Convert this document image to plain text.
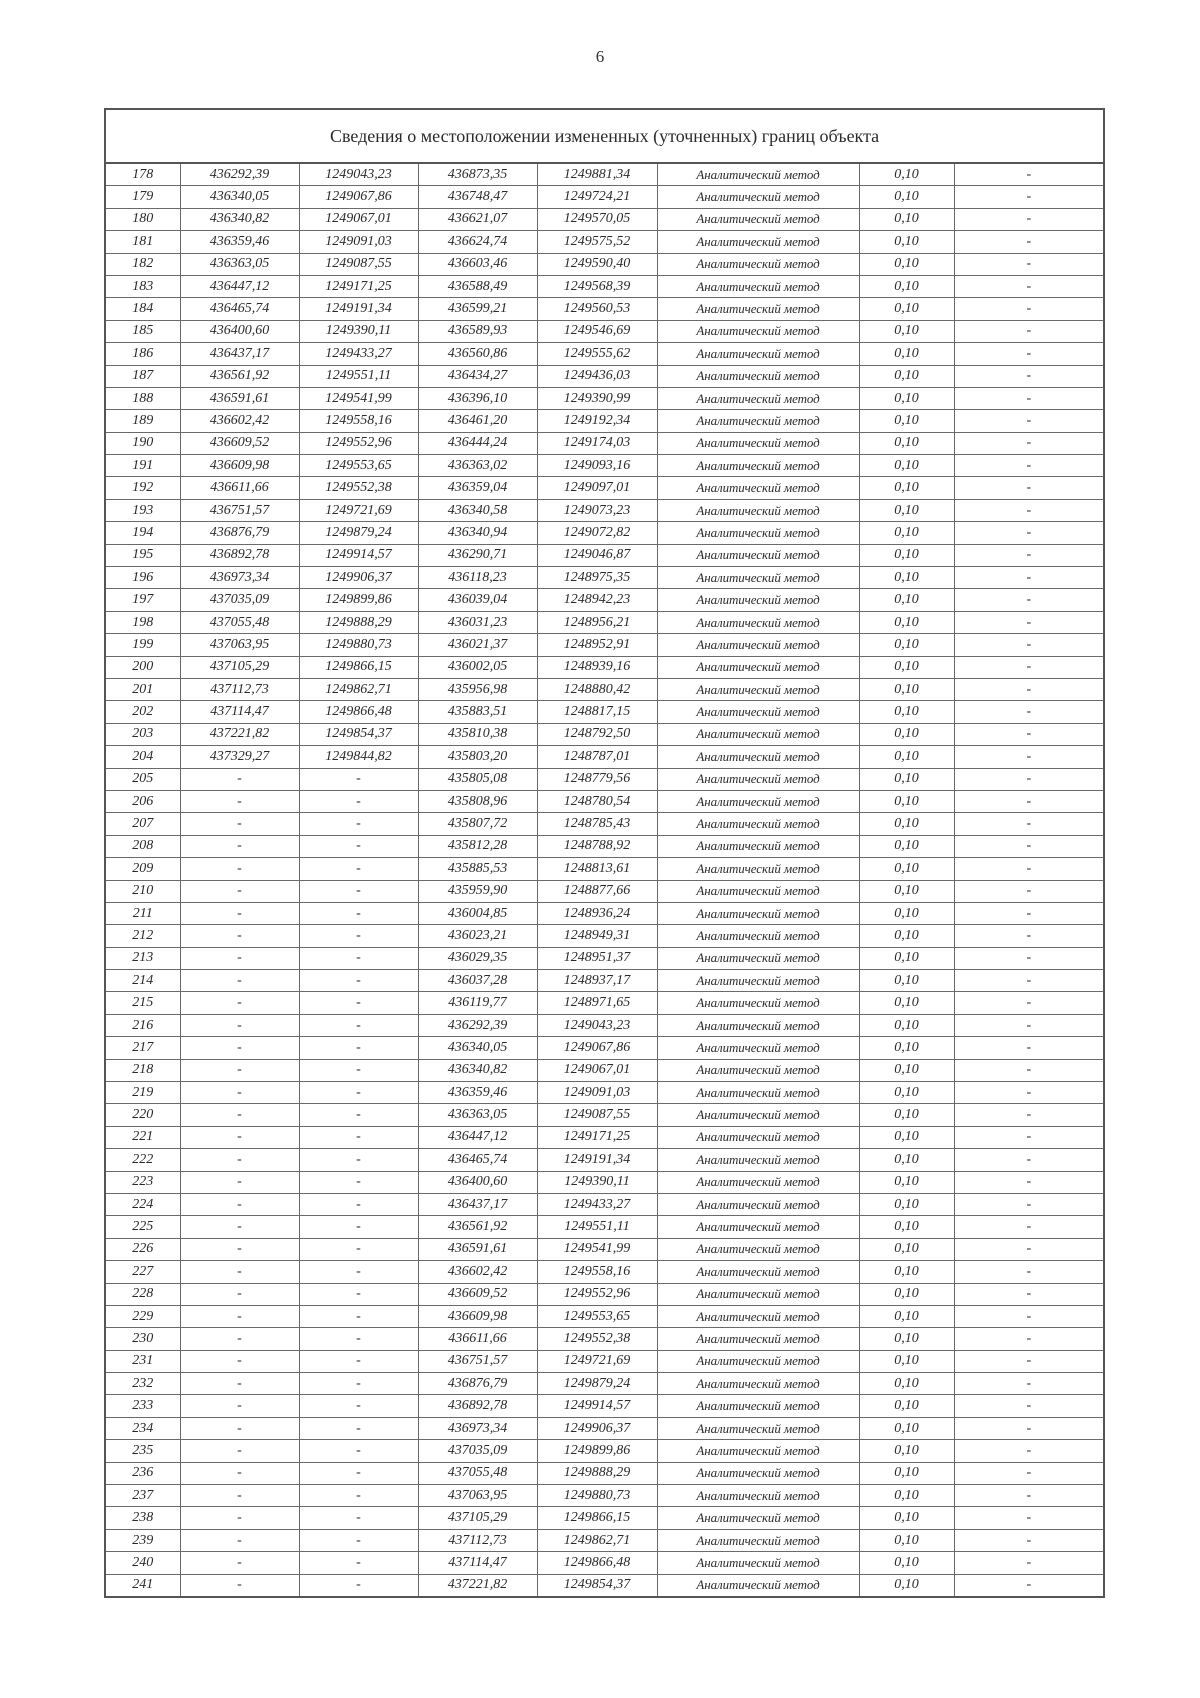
6
Сведения о местоположении измененных (уточненных) границ объекта							
178	436292,39	1249043,23	436873,35	1249881,34	Аналитический метод	0,10	-
179	436340,05	1249067,86	436748,47	1249724,21	Аналитический метод	0,10	-
180	436340,82	1249067,01	436621,07	1249570,05	Аналитический метод	0,10	-
181	436359,46	1249091,03	436624,74	1249575,52	Аналитический метод	0,10	-
182	436363,05	1249087,55	436603,46	1249590,40	Аналитический метод	0,10	-
183	436447,12	1249171,25	436588,49	1249568,39	Аналитический метод	0,10	-
184	436465,74	1249191,34	436599,21	1249560,53	Аналитический метод	0,10	-
185	436400,60	1249390,11	436589,93	1249546,69	Аналитический метод	0,10	-
186	436437,17	1249433,27	436560,86	1249555,62	Аналитический метод	0,10	-
187	436561,92	1249551,11	436434,27	1249436,03	Аналитический метод	0,10	-
188	436591,61	1249541,99	436396,10	1249390,99	Аналитический метод	0,10	-
189	436602,42	1249558,16	436461,20	1249192,34	Аналитический метод	0,10	-
190	436609,52	1249552,96	436444,24	1249174,03	Аналитический метод	0,10	-
191	436609,98	1249553,65	436363,02	1249093,16	Аналитический метод	0,10	-
192	436611,66	1249552,38	436359,04	1249097,01	Аналитический метод	0,10	-
193	436751,57	1249721,69	436340,58	1249073,23	Аналитический метод	0,10	-
194	436876,79	1249879,24	436340,94	1249072,82	Аналитический метод	0,10	-
195	436892,78	1249914,57	436290,71	1249046,87	Аналитический метод	0,10	-
196	436973,34	1249906,37	436118,23	1248975,35	Аналитический метод	0,10	-
197	437035,09	1249899,86	436039,04	1248942,23	Аналитический метод	0,10	-
198	437055,48	1249888,29	436031,23	1248956,21	Аналитический метод	0,10	-
199	437063,95	1249880,73	436021,37	1248952,91	Аналитический метод	0,10	-
200	437105,29	1249866,15	436002,05	1248939,16	Аналитический метод	0,10	-
201	437112,73	1249862,71	435956,98	1248880,42	Аналитический метод	0,10	-
202	437114,47	1249866,48	435883,51	1248817,15	Аналитический метод	0,10	-
203	437221,82	1249854,37	435810,38	1248792,50	Аналитический метод	0,10	-
204	437329,27	1249844,82	435803,20	1248787,01	Аналитический метод	0,10	-
205	-	-	435805,08	1248779,56	Аналитический метод	0,10	-
206	-	-	435808,96	1248780,54	Аналитический метод	0,10	-
207	-	-	435807,72	1248785,43	Аналитический метод	0,10	-
208	-	-	435812,28	1248788,92	Аналитический метод	0,10	-
209	-	-	435885,53	1248813,61	Аналитический метод	0,10	-
210	-	-	435959,90	1248877,66	Аналитический метод	0,10	-
211	-	-	436004,85	1248936,24	Аналитический метод	0,10	-
212	-	-	436023,21	1248949,31	Аналитический метод	0,10	-
213	-	-	436029,35	1248951,37	Аналитический метод	0,10	-
214	-	-	436037,28	1248937,17	Аналитический метод	0,10	-
215	-	-	436119,77	1248971,65	Аналитический метод	0,10	-
216	-	-	436292,39	1249043,23	Аналитический метод	0,10	-
217	-	-	436340,05	1249067,86	Аналитический метод	0,10	-
218	-	-	436340,82	1249067,01	Аналитический метод	0,10	-
219	-	-	436359,46	1249091,03	Аналитический метод	0,10	-
220	-	-	436363,05	1249087,55	Аналитический метод	0,10	-
221	-	-	436447,12	1249171,25	Аналитический метод	0,10	-
222	-	-	436465,74	1249191,34	Аналитический метод	0,10	-
223	-	-	436400,60	1249390,11	Аналитический метод	0,10	-
224	-	-	436437,17	1249433,27	Аналитический метод	0,10	-
225	-	-	436561,92	1249551,11	Аналитический метод	0,10	-
226	-	-	436591,61	1249541,99	Аналитический метод	0,10	-
227	-	-	436602,42	1249558,16	Аналитический метод	0,10	-
228	-	-	436609,52	1249552,96	Аналитический метод	0,10	-
229	-	-	436609,98	1249553,65	Аналитический метод	0,10	-
230	-	-	436611,66	1249552,38	Аналитический метод	0,10	-
231	-	-	436751,57	1249721,69	Аналитический метод	0,10	-
232	-	-	436876,79	1249879,24	Аналитический метод	0,10	-
233	-	-	436892,78	1249914,57	Аналитический метод	0,10	-
234	-	-	436973,34	1249906,37	Аналитический метод	0,10	-
235	-	-	437035,09	1249899,86	Аналитический метод	0,10	-
236	-	-	437055,48	1249888,29	Аналитический метод	0,10	-
237	-	-	437063,95	1249880,73	Аналитический метод	0,10	-
238	-	-	437105,29	1249866,15	Аналитический метод	0,10	-
239	-	-	437112,73	1249862,71	Аналитический метод	0,10	-
240	-	-	437114,47	1249866,48	Аналитический метод	0,10	-
241	-	-	437221,82	1249854,37	Аналитический метод	0,10	-
